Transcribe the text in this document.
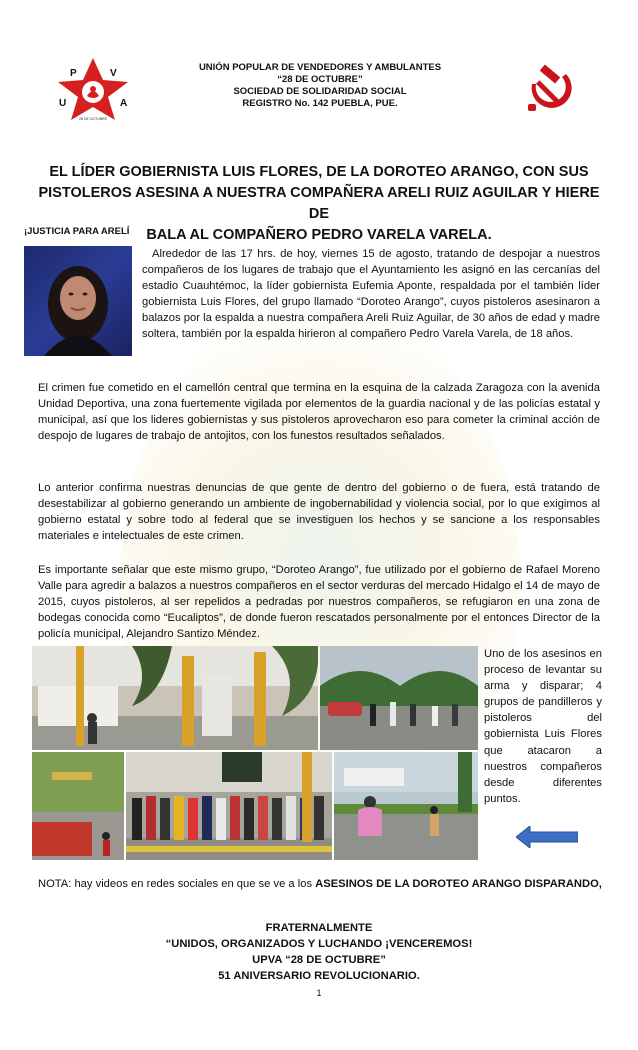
P	V
U	A
28 DE OCTUBRE
UNIÓN POPULAR DE VENDEDORES Y AMBULANTES
“28 DE OCTUBRE”
SOCIEDAD DE SOLIDARIDAD SOCIAL
REGISTRO No. 142 PUEBLA, PUE.
EL LÍDER GOBIERNISTA LUIS FLORES, DE LA DOROTEO ARANGO, CON SUS
PISTOLEROS ASESINA A NUESTRA COMPAÑERA ARELI RUIZ AGUILAR Y HIERE DE
BALA AL COMPAÑERO PEDRO VARELA VARELA.
¡JUSTICIA PARA ARELÍ
Alrededor de las 17 hrs. de hoy, viernes 15 de agosto, tratando de despojar a nuestros compañeros de los lugares de trabajo que el Ayuntamiento les asignó en las cercanías del estadio Cuauhtémoc, la líder gobiernista Eufemia Aponte, respaldada por el también líder gobiernista Luis Flores, del grupo llamado “Doroteo Arango”, cuyos pistoleros asesinaron a balazos por la espalda a nuestra compañera Areli Ruiz Aguilar, de 30 años de edad y madre soltera, también por la espalda hirieron al compañero Pedro Varela Varela, de 18 años.
El crimen fue cometido en el camellón central que termina en la esquina de la calzada Zaragoza con la avenida Unidad Deportiva, una zona fuertemente vigilada por elementos de la guardia nacional y de las policías estatal y municipal, así que los lideres gobiernistas y sus pistoleros aprovecharon eso para cometer la criminal acción de despojo de lugares de trabajo de antojitos, con los funestos resultados señalados.
Lo anterior confirma nuestras denuncias de que gente de dentro del gobierno o de fuera, está tratando de desestabilizar al gobierno generando un ambiente de ingobernabilidad y violencia social, por lo que exigimos al gobierno estatal y sobre todo al federal que se investiguen los hechos y se sancione a los responsables materiales e intelectuales de este crimen.
Es importante señalar que este mismo grupo, “Doroteo Arango”, fue utilizado por el gobierno de Rafael Moreno Valle para agredir a balazos a nuestros compañeros en el sector verduras del mercado Hidalgo el 14 de mayo de 2015, cuyos pistoleros, al ser repelidos a pedradas por nuestros compañeros, se refugiaron en una zona de bodegas conocida como “Eucaliptos”, de donde fueron rescatados personalmente por el entonces Director de la policía municipal, Alejandro Santizo Méndez.
Uno de los asesinos en proceso de levantar su arma y disparar; 4 grupos de pandilleros y pistoleros del gobiernista Luis Flores que atacaron a nuestros compañeros desde diferentes puntos.
NOTA: hay videos en redes sociales en que se ve a los ASESINOS DE LA DOROTEO ARANGO DISPARANDO,
FRATERNALMENTE
“UNIDOS, ORGANIZADOS Y LUCHANDO ¡VENCEREMOS!
UPVA “28 DE OCTUBRE”
51 ANIVERSARIO REVOLUCIONARIO.
1
